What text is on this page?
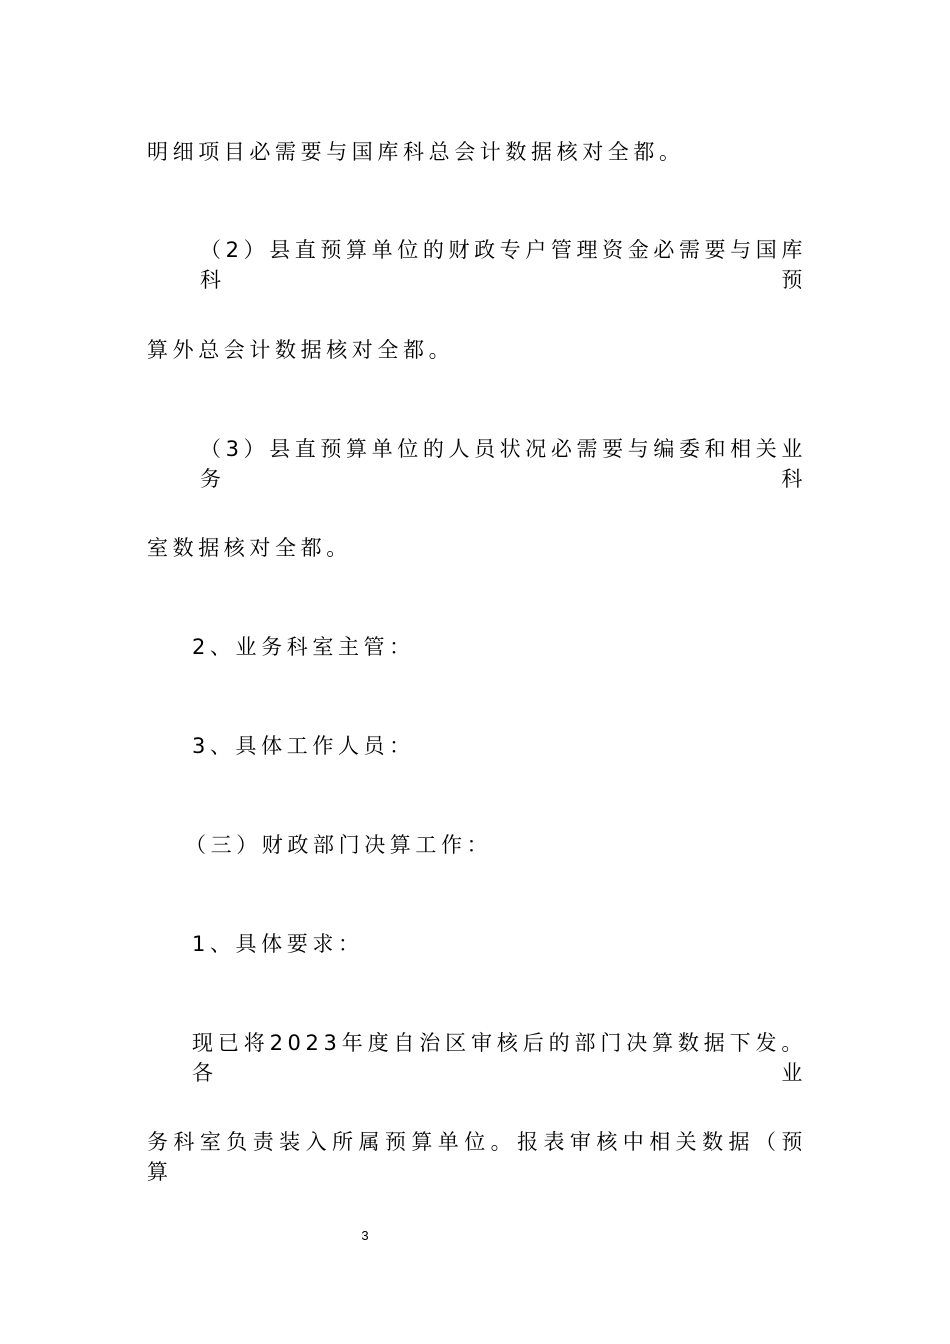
明细项目必需要与国库科总会计数据核对全都。
（2）县直预算单位的财政专户管理资金必需要与国库科预
算外总会计数据核对全都。
（3）县直预算单位的人员状况必需要与编委和相关业务科
室数据核对全都。
2、业务科室主管：
3、具体工作人员：
（三）财政部门决算工作：
1、具体要求：
现已将2023年度自治区审核后的部门决算数据下发。各业
务科室负责装入所属预算单位。报表审核中相关数据（预算
3
